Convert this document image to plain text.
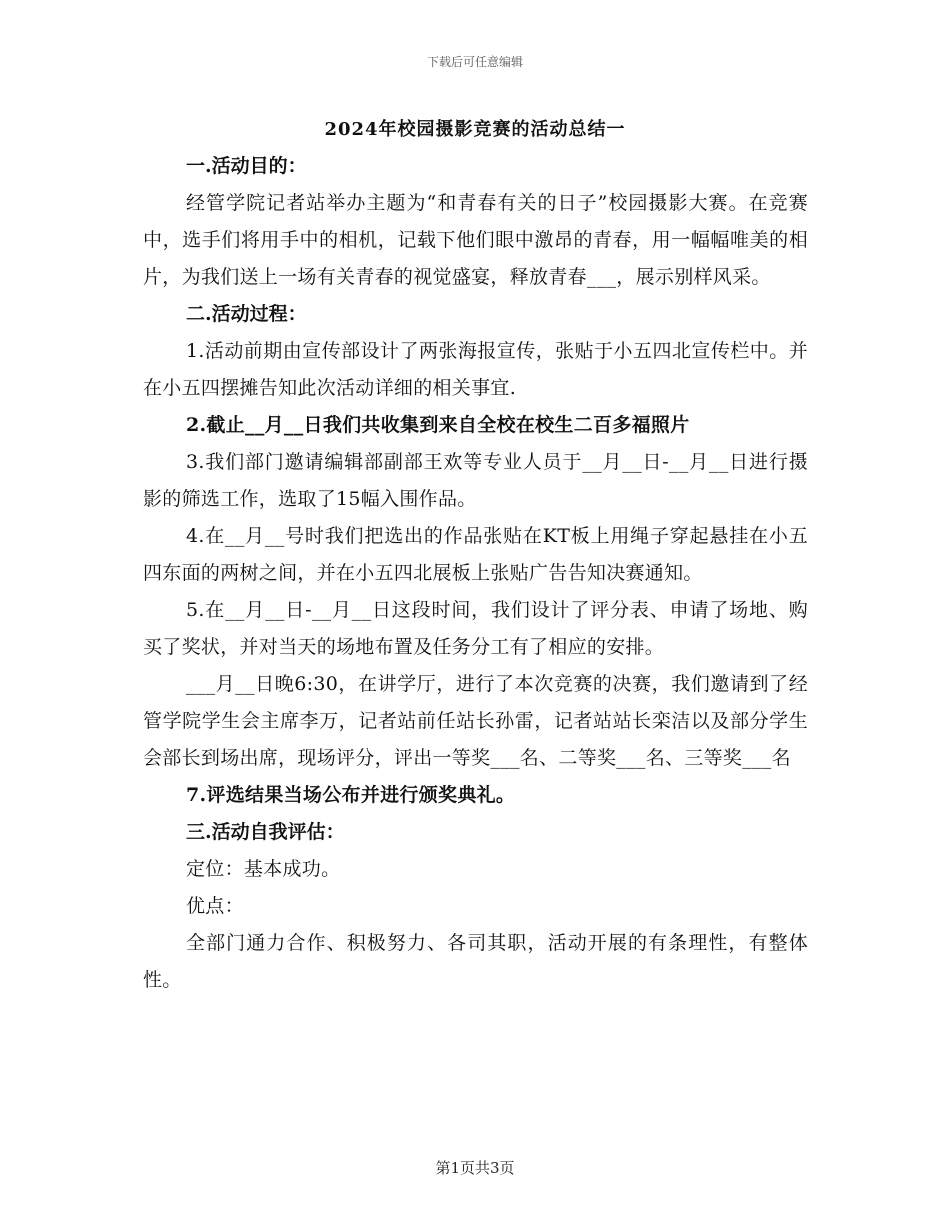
下载后可任意编辑
2024年校园摄影竞赛的活动总结一

一.活动目的：

经管学院记者站举办主题为“和青春有关的日子”校园摄影大赛。在竞赛中，选手们将用手中的相机，记载下他们眼中激昂的青春，用一幅幅唯美的相片，为我们送上一场有关青春的视觉盛宴，释放青春___，展示别样风采。

二.活动过程：

1.活动前期由宣传部设计了两张海报宣传，张贴于小五四北宣传栏中。并在小五四摆摊告知此次活动详细的相关事宜.

2.截止__月__日我们共收集到来自全校在校生二百多福照片

3.我们部门邀请编辑部副部王欢等专业人员于__月__日-__月__日进行摄影的筛选工作，选取了15幅入围作品。

4.在__月__号时我们把选出的作品张贴在KT板上用绳子穿起悬挂在小五四东面的两树之间，并在小五四北展板上张贴广告告知决赛通知。

5.在__月__日-__月__日这段时间，我们设计了评分表、申请了场地、购买了奖状，并对当天的场地布置及任务分工有了相应的安排。

___月__日晚6:30，在讲学厅，进行了本次竞赛的决赛，我们邀请到了经管学院学生会主席李万，记者站前任站长孙雷，记者站站长栾洁以及部分学生会部长到场出席，现场评分，评出一等奖___名、二等奖___名、三等奖___名

7.评选结果当场公布并进行颁奖典礼。

三.活动自我评估：

定位：基本成功。

优点：

全部门通力合作、积极努力、各司其职，活动开展的有条理性，有整体性。

第1页共3页
